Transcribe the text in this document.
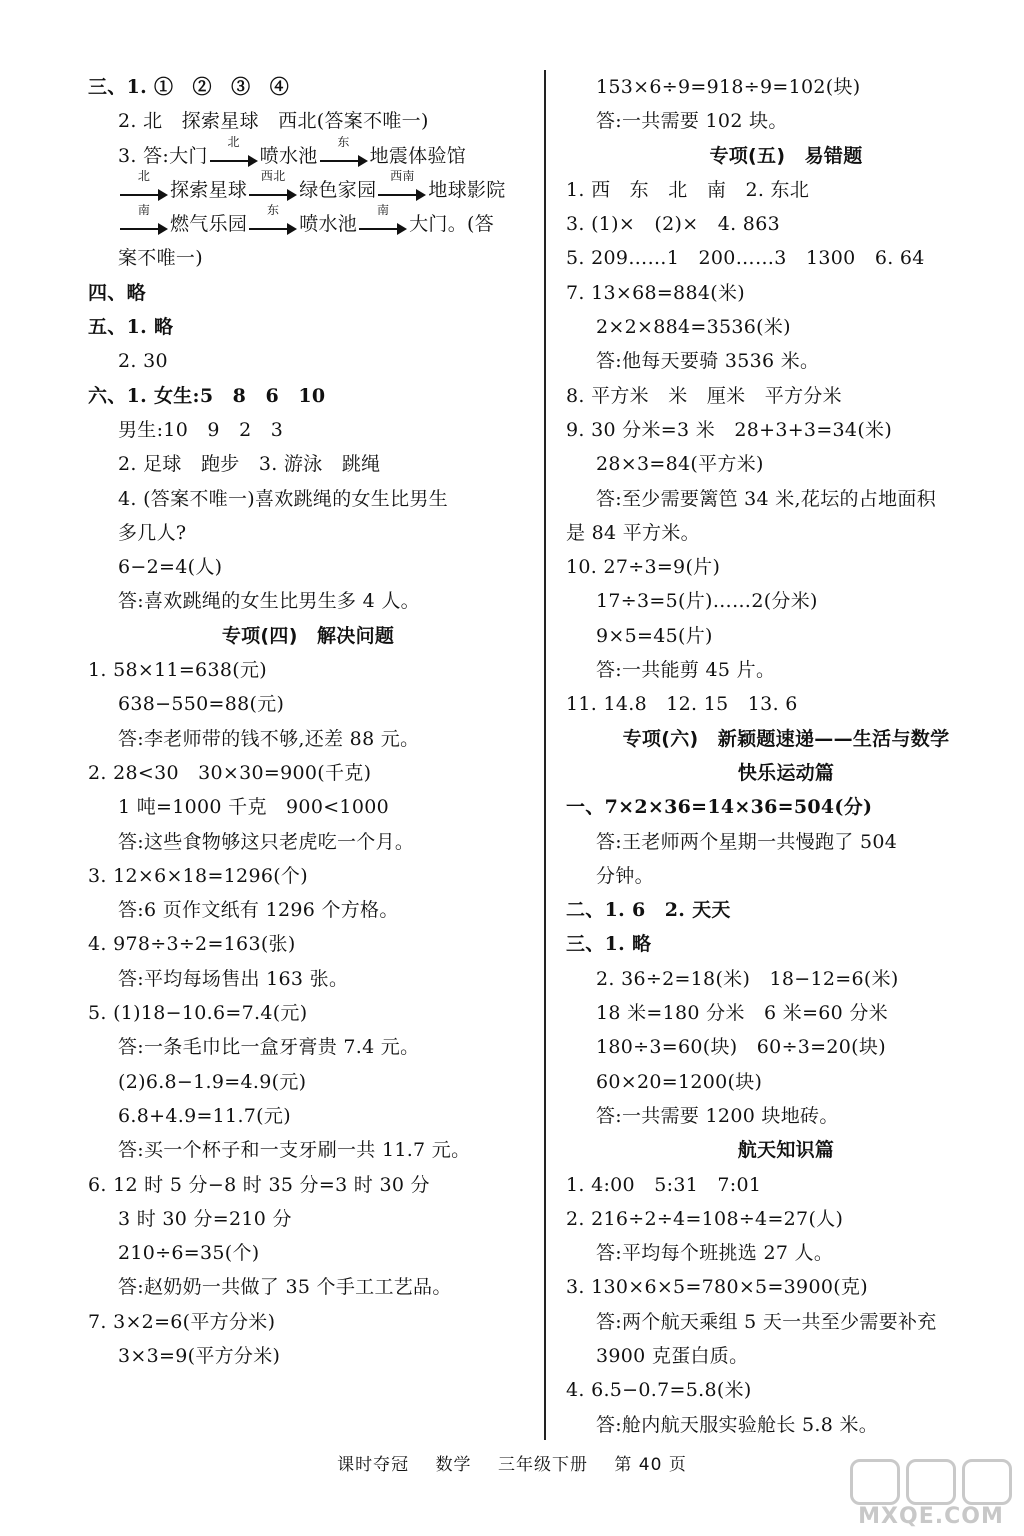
三、1. ①　②　③　④
2. 北　探索星球　西北(答案不唯一)
3. 答:大门
北
喷水池
东
地震体验馆
北
探索星球
西北
绿色家园
西南
地球影院
南
燃气乐园
东
喷水池
南
大门。(答
案不唯一)
四、略
五、1. 略
2. 30
六、1. 女生:5　8　6　10
男生:10　9　2　3
2. 足球　跑步　3. 游泳　跳绳
4. (答案不唯一)喜欢跳绳的女生比男生
多几人?
6−2=4(人)
答:喜欢跳绳的女生比男生多 4 人。
专项(四)　解决问题
1. 58×11=638(元)
638−550=88(元)
答:李老师带的钱不够,还差 88 元。
2. 28<30　30×30=900(千克)
1 吨=1000 千克　900<1000
答:这些食物够这只老虎吃一个月。
3. 12×6×18=1296(个)
答:6 页作文纸有 1296 个方格。
4. 978÷3÷2=163(张)
答:平均每场售出 163 张。
5. (1)18−10.6=7.4(元)
答:一条毛巾比一盒牙膏贵 7.4 元。
(2)6.8−1.9=4.9(元)
6.8+4.9=11.7(元)
答:买一个杯子和一支牙刷一共 11.7 元。
6. 12 时 5 分−8 时 35 分=3 时 30 分
3 时 30 分=210 分
210÷6=35(个)
答:赵奶奶一共做了 35 个手工工艺品。
7. 3×2=6(平方分米)
3×3=9(平方分米)
153×6÷9=918÷9=102(块)
答:一共需要 102 块。
专项(五)　易错题
1. 西　东　北　南　2. 东北
3. (1)×　(2)×　4. 863
5. 209……1　200……3　1300　6. 64
7. 13×68=884(米)
2×2×884=3536(米)
答:他每天要骑 3536 米。
8. 平方米　米　厘米　平方分米
9. 30 分米=3 米　28+3+3=34(米)
28×3=84(平方米)
答:至少需要篱笆 34 米,花坛的占地面积
是 84 平方米。
10. 27÷3=9(片)
17÷3=5(片)……2(分米)
9×5=45(片)
答:一共能剪 45 片。
11. 14.8　12. 15　13. 6
专项(六)　新颖题速递——生活与数学
快乐运动篇
一、7×2×36=14×36=504(分)
答:王老师两个星期一共慢跑了 504
分钟。
二、1. 6　2. 天天
三、1. 略
2. 36÷2=18(米)　18−12=6(米)
18 米=180 分米　6 米=60 分米
180÷3=60(块)　60÷3=20(块)
60×20=1200(块)
答:一共需要 1200 块地砖。
航天知识篇
1. 4:00　5:31　7:01
2. 216÷2÷4=108÷4=27(人)
答:平均每个班挑选 27 人。
3. 130×6×5=780×5=3900(克)
答:两个航天乘组 5 天一共至少需要补充
3900 克蛋白质。
4. 6.5−0.7=5.8(米)
答:舱内航天服实验舱长 5.8 米。
课时夺冠 数学 三年级下册 第 40 页
MXQE.COM
